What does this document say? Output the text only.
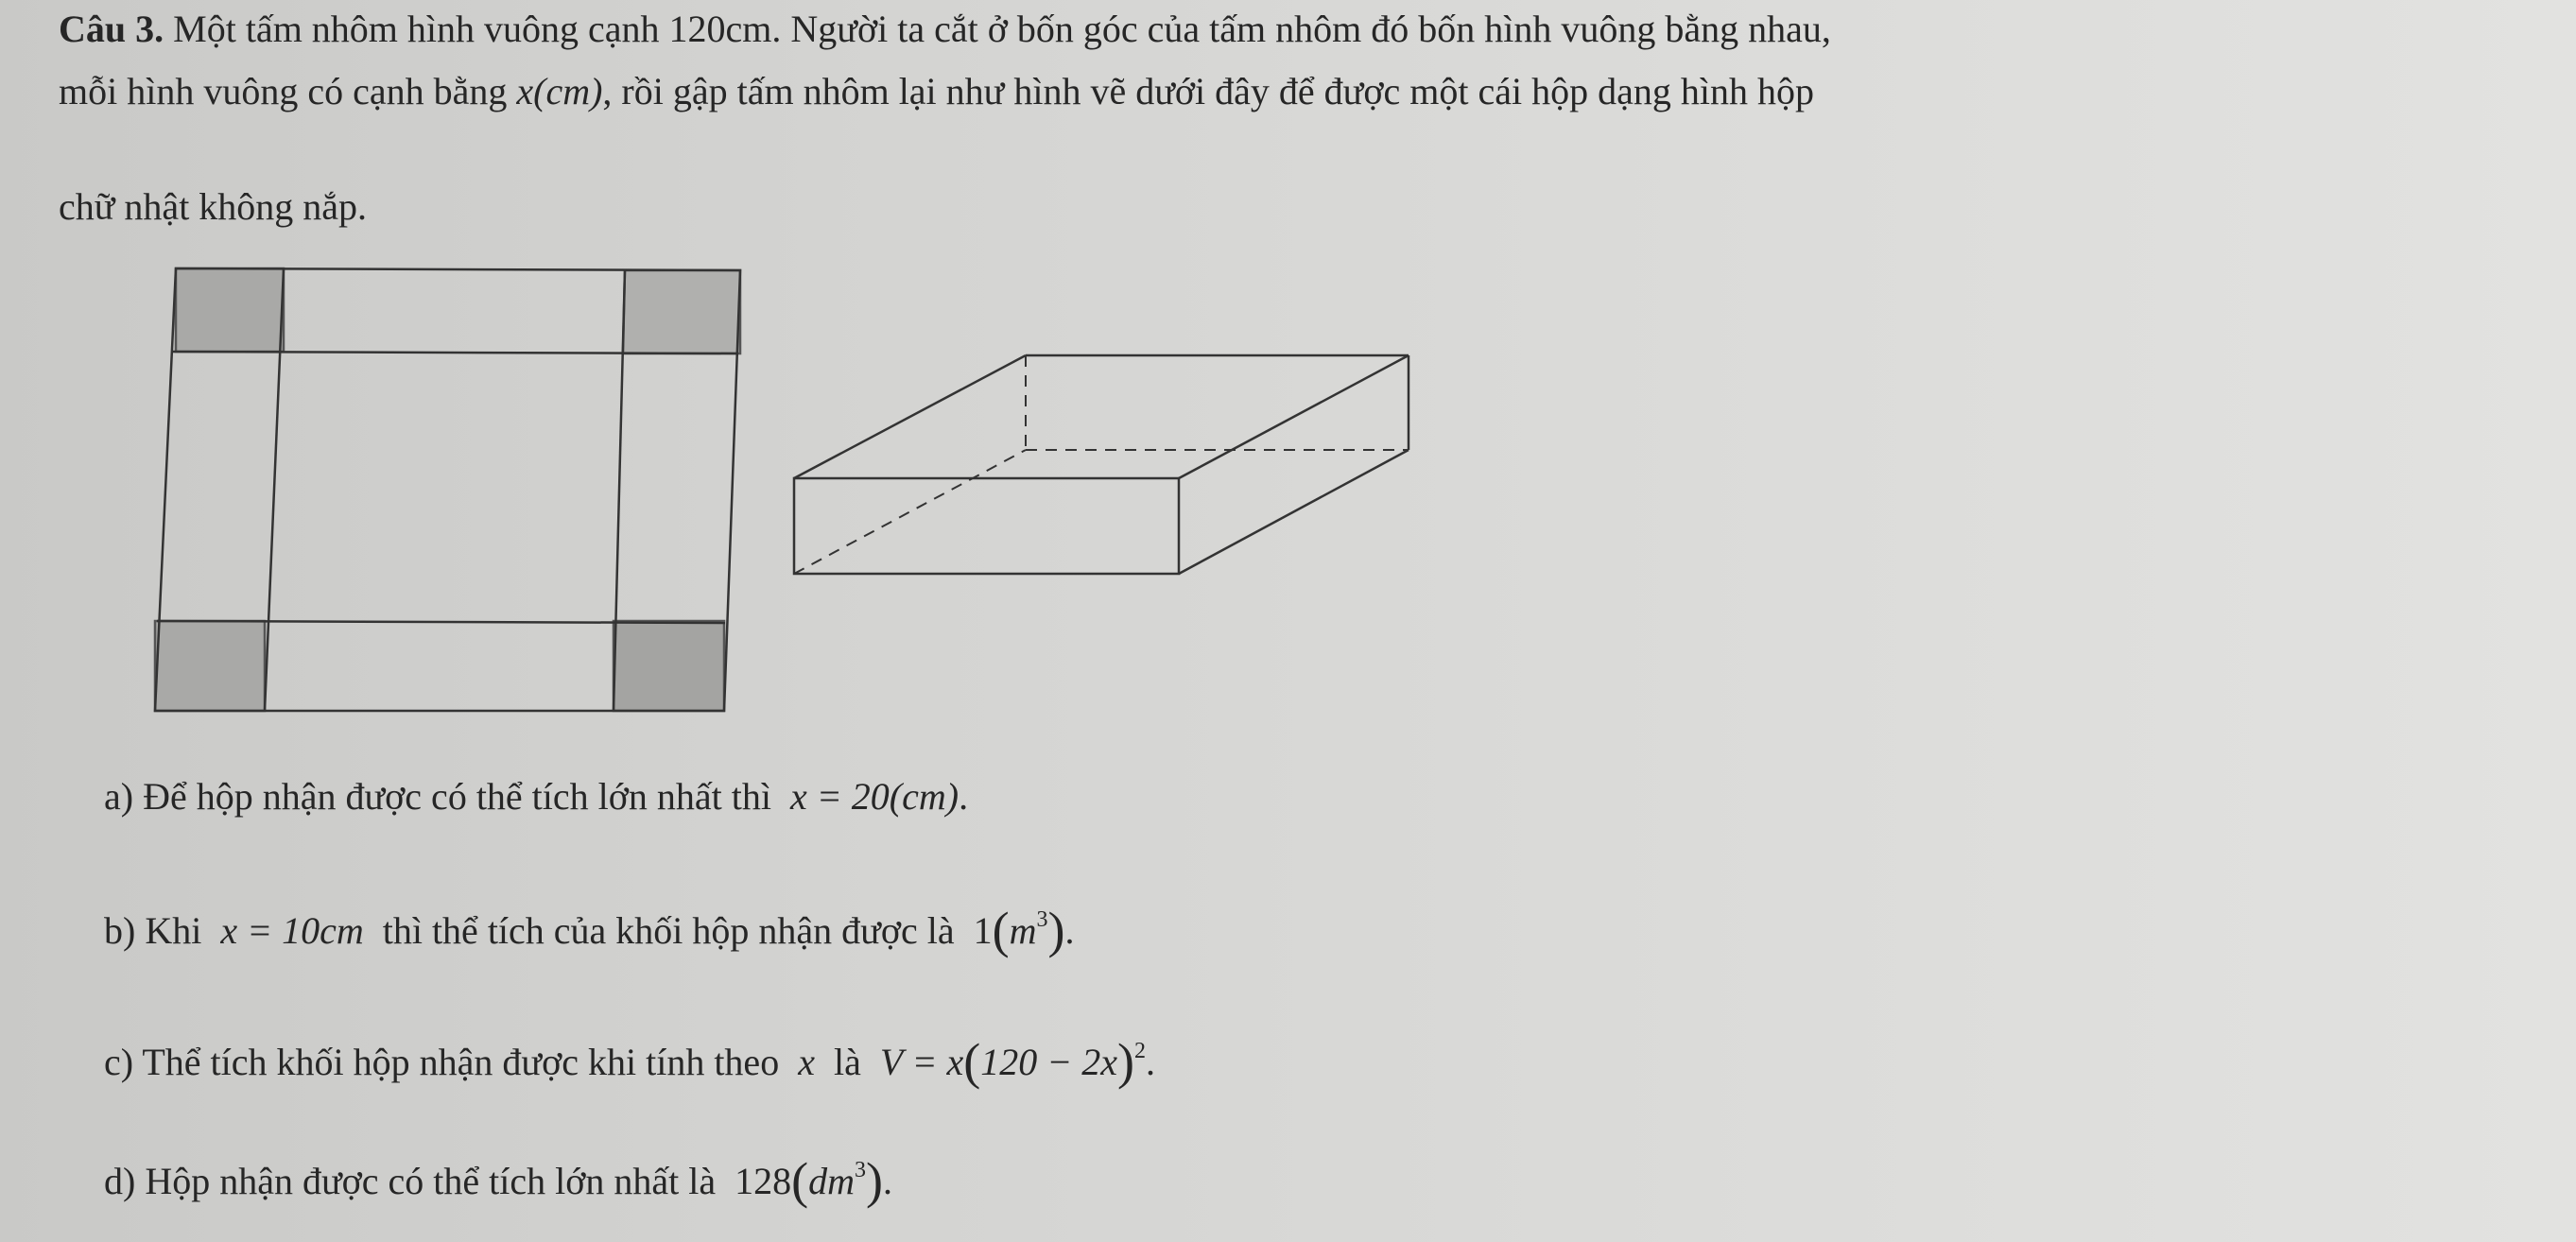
Câu 3. Một tấm nhôm hình vuông cạnh 120cm. Người ta cắt ở bốn góc của tấm nhôm đó bốn hình vuông bằng nhau,
mỗi hình vuông có cạnh bằng x(cm), rồi gập tấm nhôm lại như hình vẽ dưới đây để được một cái hộp dạng hình hộp
chữ nhật không nắp.
a) Để hộp nhận được có thể tích lớn nhất thì x = 20(cm).
b) Khi x = 10cm thì thể tích của khối hộp nhận được là $1(m^3)$.
c) Thể tích khối hộp nhận được khi tính theo x là $V = x(120 - 2x)^2$.
d) Hộp nhận được có thể tích lớn nhất là $128(dm^3)$.
